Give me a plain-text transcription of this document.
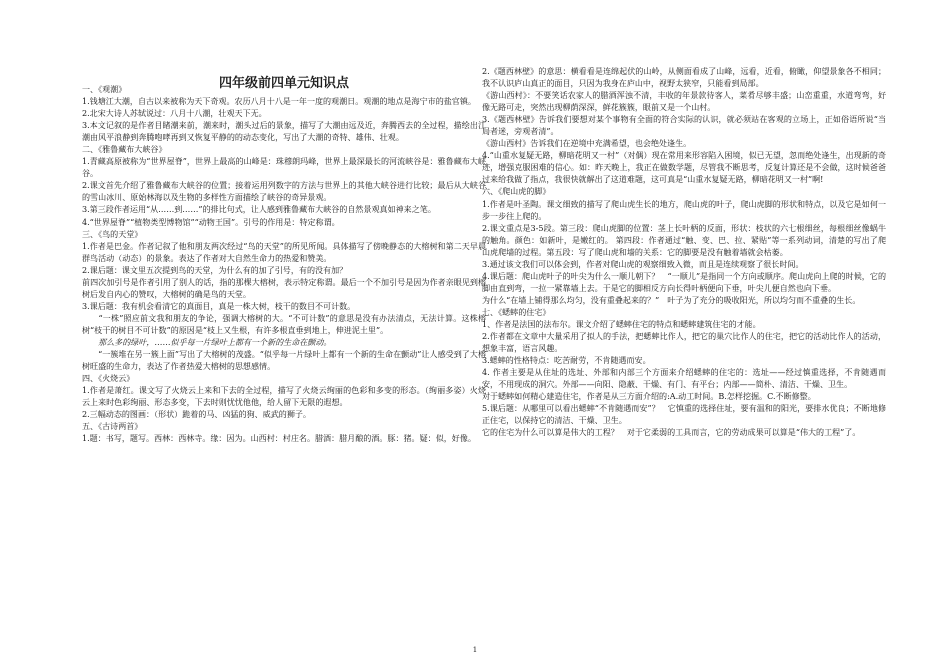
四年级前四单元知识点

一、《观潮》

1.钱塘江大潮，自古以来被称为天下奇观。农历八月十八是一年一度的观潮日。观潮的地点是海宁市的盐官镇。

2.北宋大诗人苏轼说过：八月十八潮，壮观天下无。

3.本文记叙的是作者目睹潮来前，潮来时，潮头过后的景象，描写了大潮由远及近，奔腾西去的全过程，描绘出江潮由风平浪静到奔腾咆哮再到又恢复平静的的动态变化，写出了大潮的奇特、雄伟、壮观。

二、《雅鲁藏布大峡谷》

1.青藏高原被称为“世界屋脊”，世界上最高的山峰是：珠穆朗玛峰，世界上最深最长的河流峡谷是：雅鲁藏布大峡谷。

2.课文首先介绍了雅鲁藏布大峡谷的位置；接着运用列数字的方法与世界上的其他大峡谷进行比较；最后从大峡谷的雪山冰川、原始林海以及生物的多样性方面描绘了峡谷的奇异景观。

3.第三段作者运用“从……到……”的排比句式，让人感到雅鲁藏布大峡谷的自然景观真如神来之笔。

4.“世界屋脊”“植物类型博物馆”“动物王国”。引号的作用是：特定称谓。

三、《鸟的天堂》

1.作者是巴金。作者记叙了他和朋友两次经过“鸟的天堂”的所见所闻。具体描写了傍晚静态的大榕树和第二天早晨群鸟活动（动态）的景象。表达了作者对大自然生命力的热爱和赞美。

2.课后题：课文里五次提到鸟的天堂，为什么有的加了引号，有的没有加？

前四次加引号是作者引用了别人的话，指的那棵大榕树，表示特定称谓。最后一个不加引号是因为作者亲眼见到榕树后发自内心的赞叹，大榕树的确是鸟的天堂。

3.课后题：我有机会看清它的真面目，真是一株大树，枝干的数目不可计数。

　　“一株”照应前文我和朋友的争论，强调大榕树的大。“不可计数”的意思是没有办法清点，无法计算。这株榕树“枝干的树目不可计数”的原因是“枝上又生根，有许多根直垂到地上，伸进泥土里”。

　　那么多的绿叶，……似乎每一片绿叶上都有一个新的生命在颤动。

　　“一簇堆在另一簇上面”写出了大榕树的茂盛。“似乎每一片绿叶上都有一个新的生命在颤动”让人感受到了大榕树旺盛的生命力，表达了作者热爱大榕树的思想感情。

四、《火烧云》

1.作者是萧红。课文写了火烧云上来和下去的全过程，描写了火烧云绚丽的色彩和多变的形态。（绚丽多姿）火烧云上来时色彩绚丽、形态多变，下去时则忧忧他他，给人留下无限的遐想。

2.三幅动态的图画：（形状）跪着的马、凶猛的狗、威武的狮子。

五、《古诗两首》

1.题：书写，题写。西林：西林寺。缘：因为。山西村：村庄名。腊酒：腊月酿的酒。豚：猪。疑：似，好像。

2.《题西林壁》的意思：横看看是连绵起伏的山岭，从侧面看成了山峰，远看，近看，俯瞰，仰望景象各不相同；我不认识庐山真正的面目，只因为我身在庐山中，视野太狭窄，只能看到局部。

《游山西村》：不要笑话农家人的腊酒浑浊不清，丰收的年景款待客人，菜肴尽够丰盛；山峦重重，水道弯弯，好像无路可走，突然出现柳荫深深，鲜花簇簇，眼前又是一个山村。

3.《题西林壁》告诉我们要想对某个事物有全面的符合实际的认识，就必须站在客观的立场上，正如俗语所说“当局者迷，旁观者清”。

《游山西村》告诉我们在逆境中充满希望，也会绝处逢生。

4.“山重水复疑无路，柳暗花明又一村”（对偶）现在常用来形容陷入困境，似已无望，忽而绝处逢生，出现新的奇迹，增强克服困难的信心。如：昨天晚上，我正在做数学题，尽管我不断思考，反复计算还是不会做，这时候爸爸过来给我做了指点，我很快就解出了这道难题，这可真是“山重水复疑无路，柳暗花明又一村”啊!

六、《爬山虎的脚》

1.作者是叶圣陶。课文细致的描写了爬山虎生长的地方，爬山虎的叶子，爬山虎脚的形状和特点，以及它是如何一步一步往上爬的。

2.课文重点是3-5段。第三段：爬山虎脚的位置：茎上长叶柄的反面，形状：枝状的六七根细丝，每根细丝像蜗牛的触角。颜色：如新叶，是嫩红的。 第四段：作者通过“触、变、巴、拉、紧贴”等一系列动词，清楚的写出了爬山虎爬墙的过程。第五段：写了爬山虎和墙的关系：它的脚要是没有触着墙就会枯萎。

3.通过该文我们可以体会到，作者对爬山虎的观察细致入微，而且是连续观察了很长时间。

4.课后题：爬山虎叶子的叶尖为什么一顺儿朝下？　“一顺儿”是指同一个方向或顺序。爬山虎向上爬的时候，它的脚由直到弯，一拉一紧靠墙上去。于是它的脚相反方向长得叶柄便向下垂，叶尖儿便自然也向下垂。

为什么“在墙上铺得那么均匀，没有重叠起来的？”　叶子为了充分的吸收阳光，所以均匀而不重叠的生长。

七、《蟋蟀的住宅》

1、作者是法国的法布尔。课文介绍了蟋蟀住宅的特点和蟋蟀建筑住宅的才能。

2.作者都在文章中大量采用了拟人的手法，把蟋蟀比作人，把它的巢穴比作人的住宅，把它的活动比作人的活动，想象丰富，语言风趣。

3.蟋蟀的性格特点：吃苦耐劳，不肯随遇而安。

4. 作者主要是从住址的选址、外部和内部三个方面来介绍蟋蟀的住宅的：选址——经过慎重选择，不肯随遇而安，不用现成的洞穴。外部——向阳、隐蔽、干燥、有门、有平台；内部——简朴、清洁、干燥、卫生。

对于蟋蟀如何精心建造住宅，作者是从三方面介绍的:A.动工时间。B.怎样挖掘。C.不断修整。

5.课后题：从哪里可以看出蟋蟀“不肯随遇而安”？　它慎重的选择住址，要有温和的阳光，要排水优良；不断地修正住宅，以保持它的清洁、干燥、卫生。

它的住宅为什么可以算是伟大的工程？　对于它柔弱的工具而言，它的劳动成果可以算是“伟大的工程”了。

1
